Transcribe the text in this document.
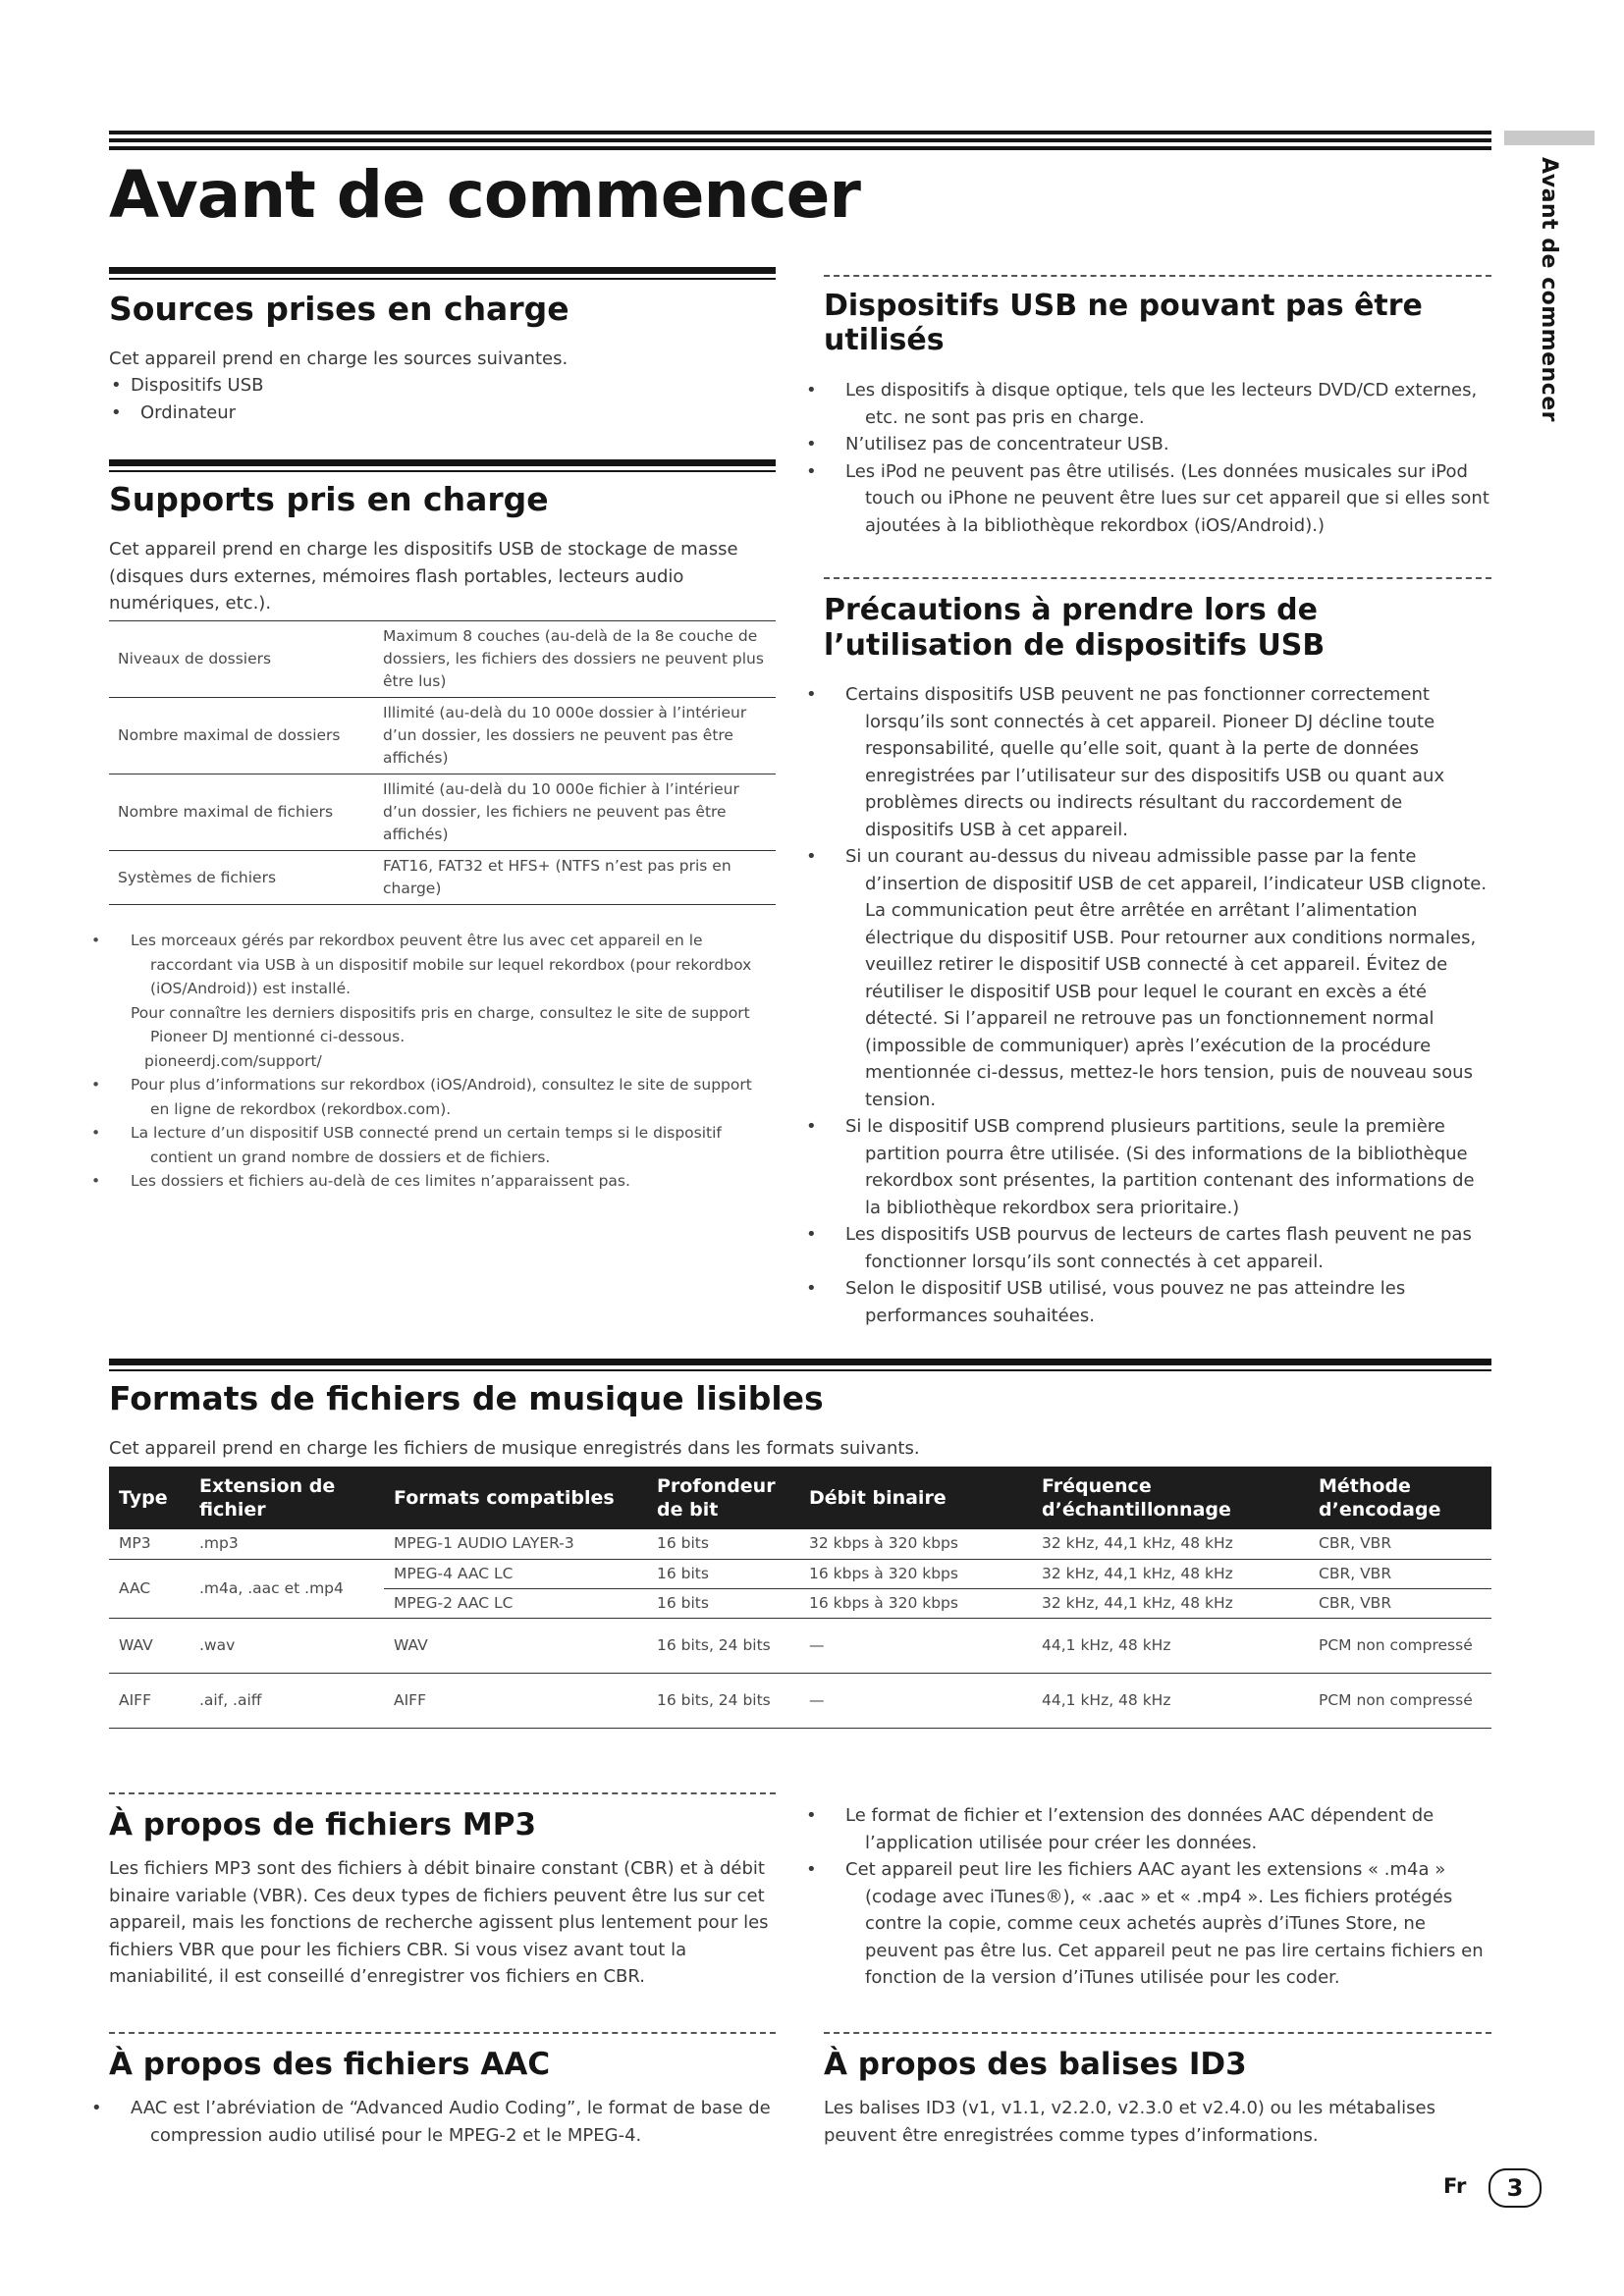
Avant de commencer	Avant de commencer
Sources prises en charge

Cet appareil prend en charge les sources suivantes.

• Dispositifs USB
• Ordinateur
Supports pris en charge

Cet appareil prend en charge les dispositifs USB de stockage de masse (disques durs externes, mémoires flash portables, lecteurs audio numériques, etc.).

Niveaux de dossiers	Maximum 8 couches (au-delà de la 8e couche de dossiers, les fichiers des dossiers ne peuvent plus être lus)
Nombre maximal de dossiers	Illimité (au-delà du 10 000e dossier à l’intérieur d’un dossier, les dossiers ne peuvent pas être affichés)
Nombre maximal de fichiers	Illimité (au-delà du 10 000e fichier à l’intérieur d’un dossier, les fichiers ne peuvent pas être affichés)
Systèmes de fichiers	FAT16, FAT32 et HFS+ (NTFS n’est pas pris en charge)
• Les morceaux gérés par rekordbox peuvent être lus avec cet appareil en le raccordant via USB à un dispositif mobile sur lequel rekordbox (pour rekordbox (iOS/Android)) est installé.
Pour connaître les derniers dispositifs pris en charge, consultez le site de support Pioneer DJ mentionné ci-dessous.
pioneerdj.com/support/
• Pour plus d’informations sur rekordbox (iOS/Android), consultez le site de support en ligne de rekordbox (rekordbox.com).
• La lecture d’un dispositif USB connecté prend un certain temps si le dispositif contient un grand nombre de dossiers et de fichiers.
• Les dossiers et fichiers au-delà de ces limites n’apparaissent pas.
Dispositifs USB ne pouvant pas être utilisés
• Les dispositifs à disque optique, tels que les lecteurs DVD/CD externes, etc. ne sont pas pris en charge.
• N’utilisez pas de concentrateur USB.
• Les iPod ne peuvent pas être utilisés. (Les données musicales sur iPod touch ou iPhone ne peuvent être lues sur cet appareil que si elles sont ajoutées à la bibliothèque rekordbox (iOS/Android).)
Précautions à prendre lors de l’utilisation de dispositifs USB
• Certains dispositifs USB peuvent ne pas fonctionner correctement lorsqu’ils sont connectés à cet appareil. Pioneer DJ décline toute responsabilité, quelle qu’elle soit, quant à la perte de données enregistrées par l’utilisateur sur des dispositifs USB ou quant aux problèmes directs ou indirects résultant du raccordement de dispositifs USB à cet appareil.
• Si un courant au-dessus du niveau admissible passe par la fente d’insertion de dispositif USB de cet appareil, l’indicateur USB clignote. La communication peut être arrêtée en arrêtant l’alimentation électrique du dispositif USB. Pour retourner aux conditions normales, veuillez retirer le dispositif USB connecté à cet appareil. Évitez de réutiliser le dispositif USB pour lequel le courant en excès a été détecté. Si l’appareil ne retrouve pas un fonctionnement normal (impossible de communiquer) après l’exécution de la procédure mentionnée ci-dessus, mettez-le hors tension, puis de nouveau sous tension.
• Si le dispositif USB comprend plusieurs partitions, seule la première partition pourra être utilisée. (Si des informations de la bibliothèque rekordbox sont présentes, la partition contenant des informations de la bibliothèque rekordbox sera prioritaire.)
• Les dispositifs USB pourvus de lecteurs de cartes flash peuvent ne pas fonctionner lorsqu’ils sont connectés à cet appareil.
• Selon le dispositif USB utilisé, vous pouvez ne pas atteindre les performances souhaitées.
Formats de fichiers de musique lisibles

Cet appareil prend en charge les fichiers de musique enregistrés dans les formats suivants.

Type	Extension de fichier	Formats compatibles	Profondeur de bit	Débit binaire	Fréquence d’échantillonnage	Méthode d’encodage
MP3	.mp3	MPEG-1 AUDIO LAYER-3	16 bits	32 kbps à 320 kbps	32 kHz, 44,1 kHz, 48 kHz	CBR, VBR
AAC	.m4a, .aac et .mp4	MPEG-4 AAC LC	16 bits	16 kbps à 320 kbps	32 kHz, 44,1 kHz, 48 kHz	CBR, VBR
		MPEG-2 AAC LC	16 bits	16 kbps à 320 kbps	32 kHz, 44,1 kHz, 48 kHz	CBR, VBR
WAV	.wav	WAV	16 bits, 24 bits	—	44,1 kHz, 48 kHz	PCM non compressé
AIFF	.aif, .aiff	AIFF	16 bits, 24 bits	—	44,1 kHz, 48 kHz	PCM non compressé
À propos de fichiers MP3

Les fichiers MP3 sont des fichiers à débit binaire constant (CBR) et à débit binaire variable (VBR). Ces deux types de fichiers peuvent être lus sur cet appareil, mais les fonctions de recherche agissent plus lentement pour les fichiers VBR que pour les fichiers CBR. Si vous visez avant tout la maniabilité, il est conseillé d’enregistrer vos fichiers en CBR.

• Le format de fichier et l’extension des données AAC dépendent de l’application utilisée pour créer les données.
• Cet appareil peut lire les fichiers AAC ayant les extensions « .m4a » (codage avec iTunes®), « .aac » et « .mp4 ». Les fichiers protégés contre la copie, comme ceux achetés auprès d’iTunes Store, ne peuvent pas être lus. Cet appareil peut ne pas lire certains fichiers en fonction de la version d’iTunes utilisée pour les coder.
À propos des fichiers AAC
• AAC est l’abréviation de “Advanced Audio Coding”, le format de base de compression audio utilisé pour le MPEG-2 et le MPEG-4.
À propos des balises ID3

Les balises ID3 (v1, v1.1, v2.2.0, v2.3.0 et v2.4.0) ou les métabalises peuvent être enregistrées comme types d’informations.

Fr	3
